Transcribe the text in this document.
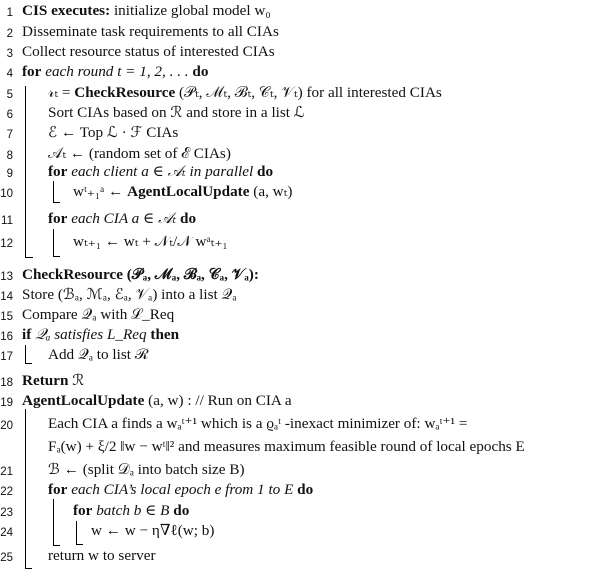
1 CIS executes: initialize global model w₀
2 Disseminate task requirements to all CIAs
3 Collect resource status of interested CIAs
4 for each round t = 1, 2, . . . do
5 𝓇ₜ = CheckResource (𝒫ₜ, ℳₜ, ℬₜ, 𝒞ₜ, 𝒱ₜ) for all interested CIAs
6 Sort CIAs based on ℛ and store in a list ℒ
7 ℰ ← Top ℒ · ℱ CIAs
8 𝒜ₜ ← (random set of ℰ CIAs)
9 for each client a ∈ 𝒜ₜ in parallel do
10	wᵗ₊₁ᵃ ← AgentLocalUpdate (a, wₜ)
11 for each CIA a ∈ 𝒜ₜ do
12	wₜ₊₁ ← wₜ + 𝒩ₜ/𝒩 wᵃₜ₊₁
13 CheckResource (𝒫ₐ, ℳₐ, ℬₐ, 𝒞ₐ, 𝒱ₐ):
14 Store (ℬₐ, ℳₐ, ℰₐ, 𝒱ₐ) into a list 𝒬ₐ
15 Compare 𝒬ₐ with ℒ_Req
16 if 𝒬ₐ satisfies L_Req then
17 Add 𝒬ₐ to list ℛ
18 Return ℛ
19 AgentLocalUpdate (a, w) : // Run on CIA a
20 Each CIA a finds a wₐᵗ⁺¹ which is a ϱₐᵗ -inexact minimizer of: wₐᵗ⁺¹ =
Fₐ(w) + ξ/2 ‖w − wᵗ‖² and measures maximum feasible round of local epochs E
21 ℬ ← (split 𝒟ₐ into batch size B)
22 for each CIA’s local epoch e from 1 to E do
23	for batch b ∈ B do
24	w ← w − η∇ℓ(w; b)
25 return w to server
